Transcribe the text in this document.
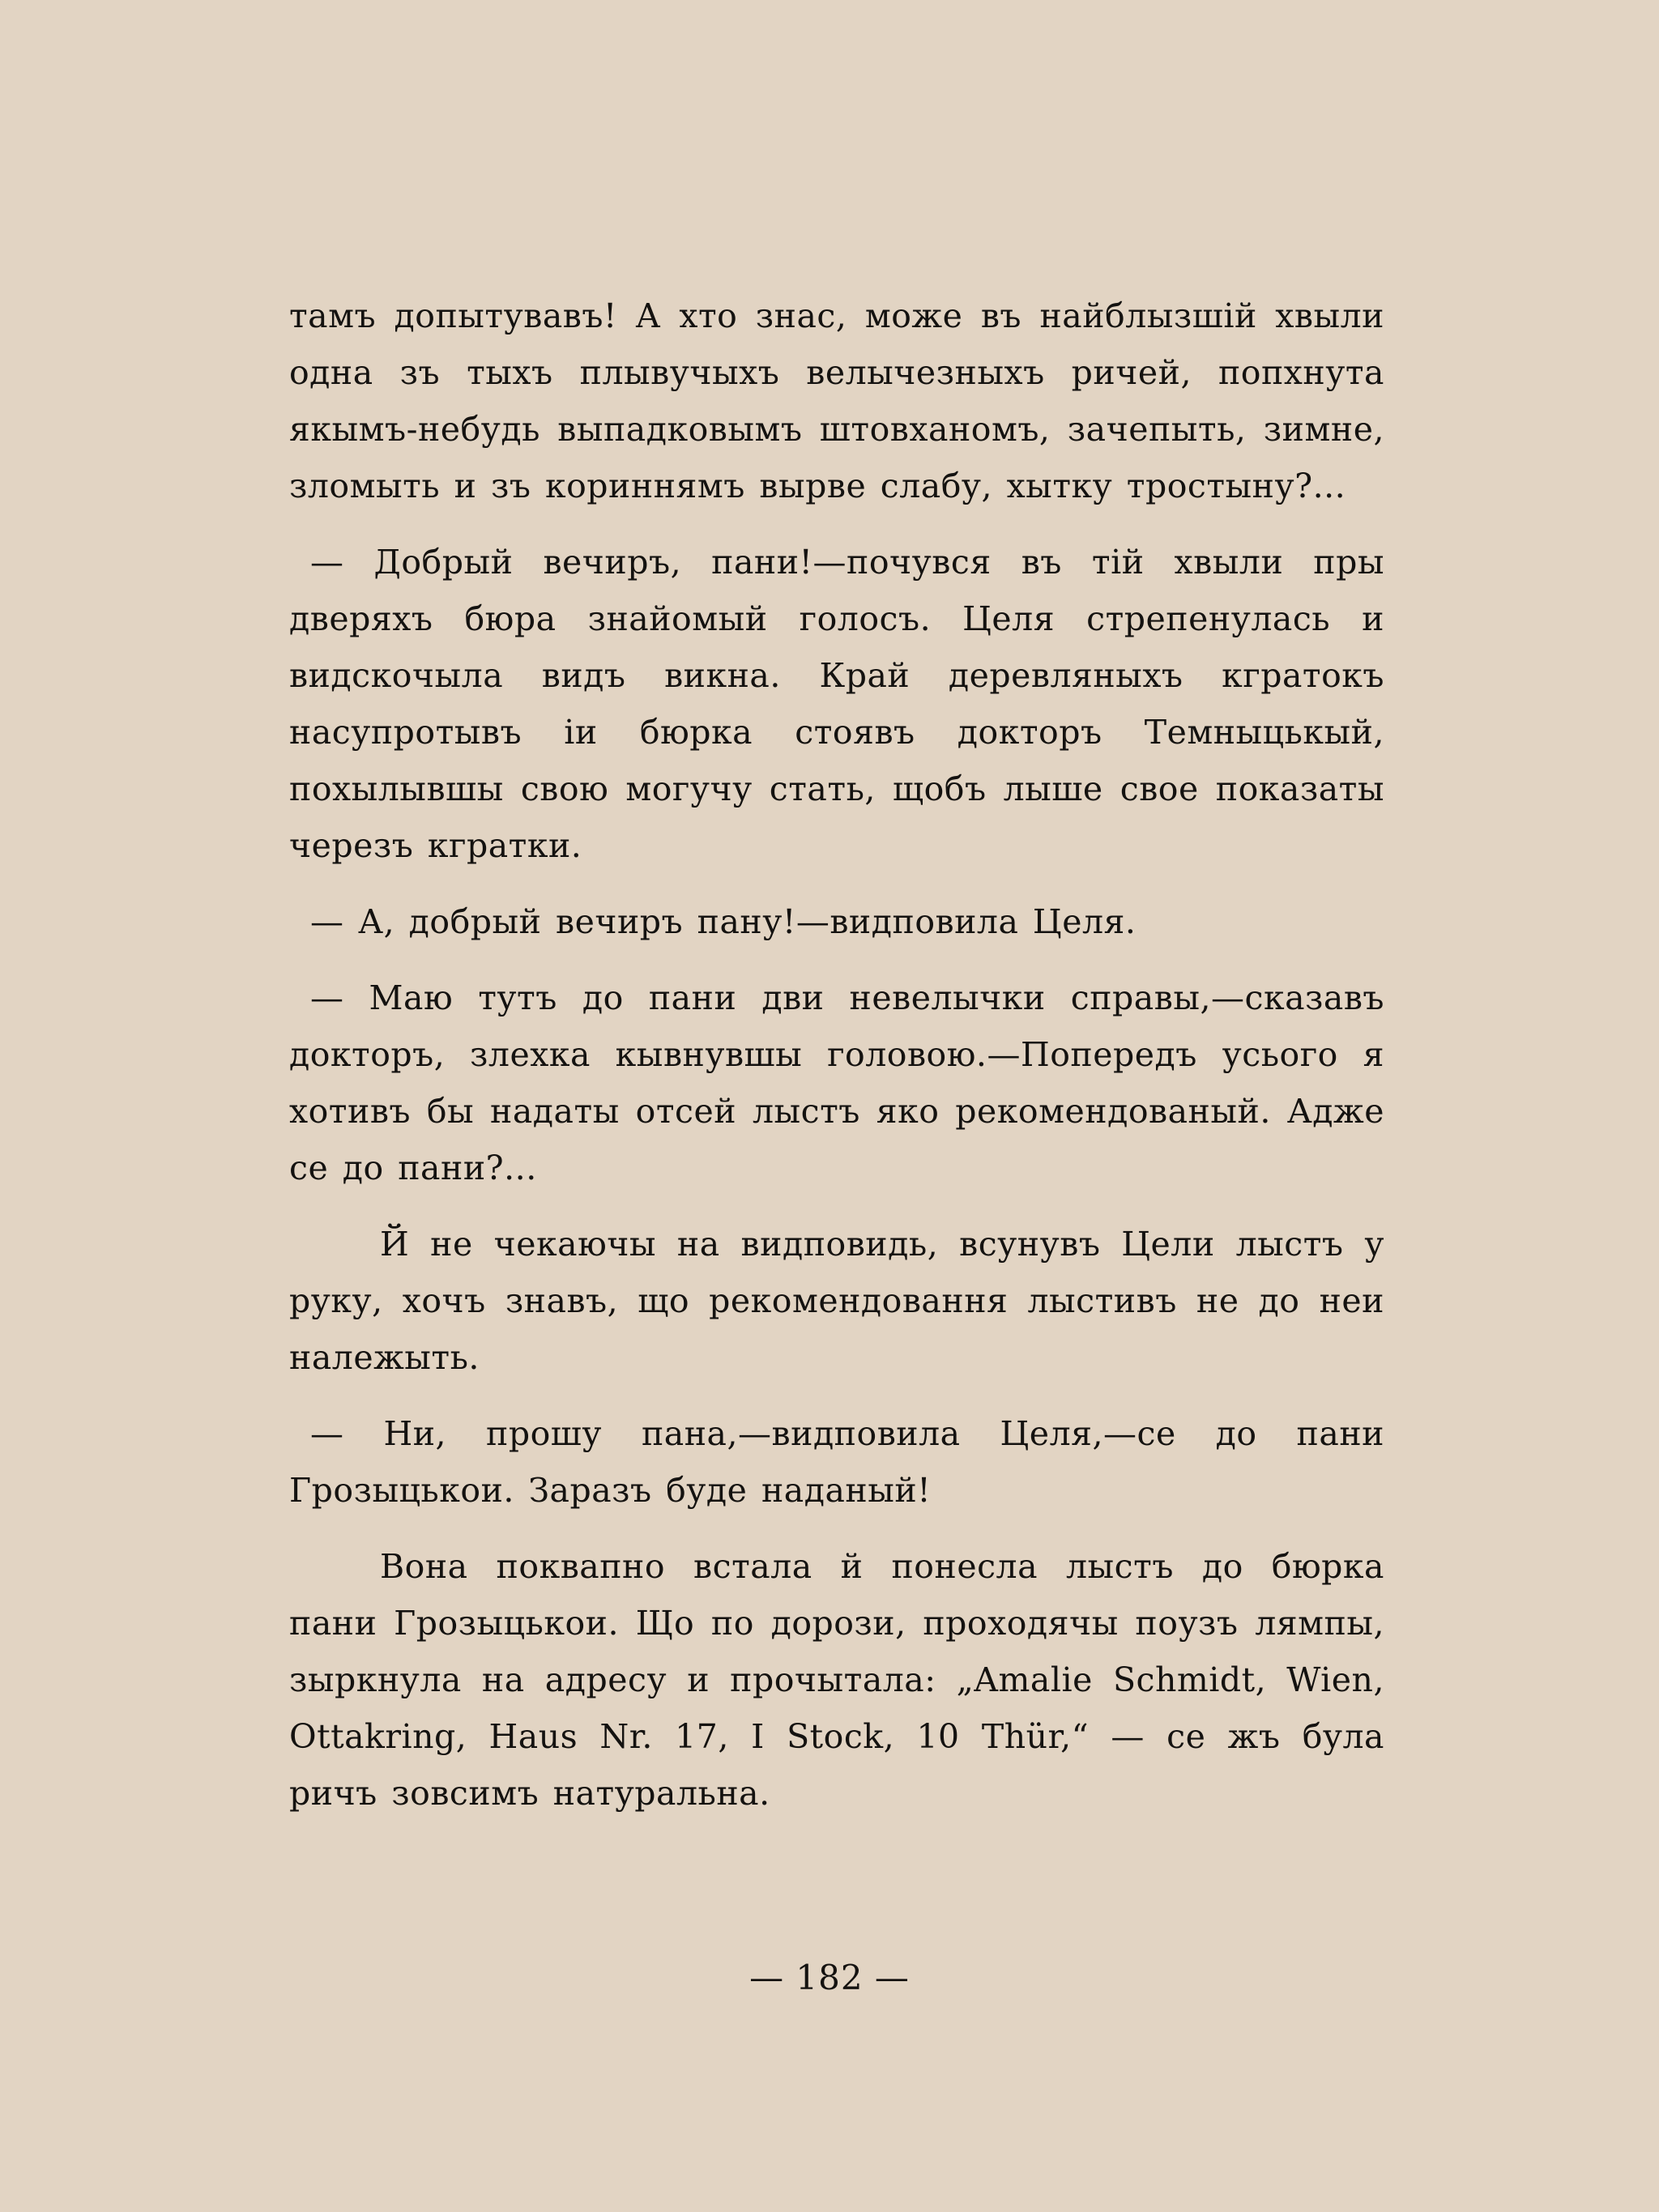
тамъ допытувавъ! А хто знас, може въ найблызшій хвыли одна зъ тыхъ плывучыхъ велычезныхъ ричей, попхнута якымъ-небудь выпадковымъ штовханомъ, зачепыть, зимне, зломыть и зъ кориннямъ вырве слабу, хытку тростыну?...

— Добрый вечиръ, пани!—почувся въ тій хвыли пры дверяхъ бюра знайомый голосъ. Целя стрепенулась и видскочыла видъ викна. Край деревляныхъ кгратокъ насупротывъ іи бюрка стоявъ докторъ Темныцькый, похылывшы свою могучу стать, щобъ лыше свое показаты черезъ кгратки.

— А, добрый вечиръ пану!—видповила Целя.

— Маю тутъ до пани дви невелычки справы,—сказавъ докторъ, злехка кывнувшы головою.—Попередъ усього я хотивъ бы надаты отсей лыстъ яко рекомендованый. Адже се до пани?...

Й не чекаючы на видповидь, всунувъ Цели лыстъ у руку, хочъ знавъ, що рекомендовання лыстивъ не до неи належыть.

— Ни, прошу пана,—видповила Целя,—се до пани Грозыцькои. Заразъ буде наданый!

Вона поквапно встала й понесла лыстъ до бюрка пани Грозыцькои. Що по дорози, проходячы поузъ лямпы, зыркнула на адресу и прочытала: „Amalie Schmidt, Wien, Ottakring, Haus Nr. 17, I Stock, 10 Thür,“ — се жъ була ричъ зовсимъ натуральна.

— 182 —
